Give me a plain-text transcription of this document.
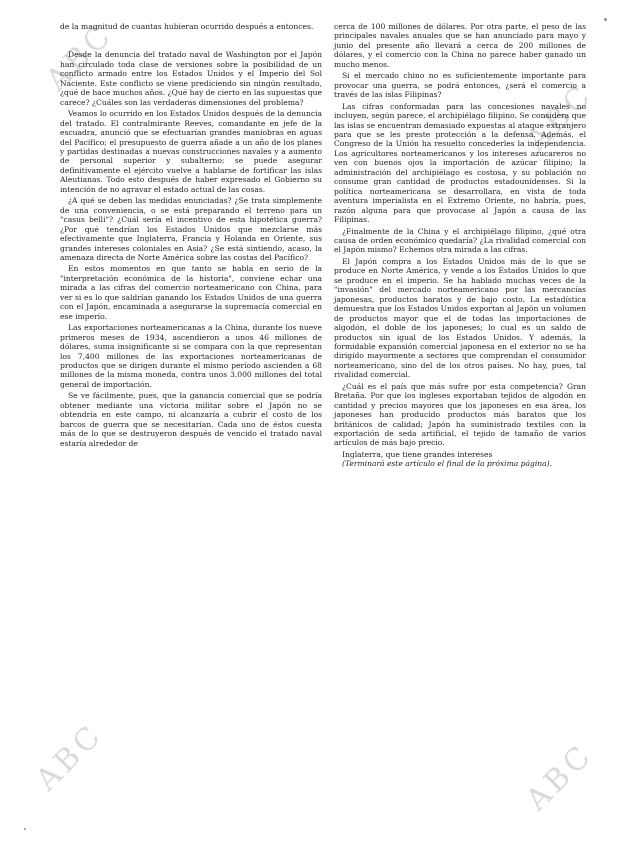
ABC
ABC
ABC	ABC

de la magnitud de cuantas hubieran ocurrido después a entonces.

Desde la denuncia del tratado naval de Washington por el Japón han circulado toda clase de versiones sobre la posibilidad de un conflicto armado entre los Estados Unidos y el Imperio del Sol Naciente. Este conflicto se viene prediciendo sin ningún resultado, ¿qué de hace muchos años. ¿Qué hay de cierto en las supuestas que carece? ¿Cuáles son las verdaderas dimensiones del problema?

Veamos lo ocurrido en los Estados Unidos después de la denuncia del tratado. El contralmirante Reeves, comandante en jefe de la escuadra, anunció que se efectuarían grandes maniobras en aguas del Pacífico; el presupuesto de guerra añade a un año de los planes y partidas destinadas a nuevas construcciones navales y a aumento de personal superior y subalterno; se puede asegurar definitivamente el ejército vuelve a hablarse de fortificar las islas Aleutianas. Todo esto después de haber expresado el Gobierno su intención de no agravar el estado actual de las cosas.

¿A qué se deben las medidas enunciadas? ¿Se trata simplemente de una conveniencia, o se está preparando el terreno para un "casus belli"? ¿Cuál sería el incentivo de esta hipotética guerra? ¿Por qué tendrían los Estados Unidos que mezclarse más efectivamente que Inglaterra, Francia y Holanda en Oriente, sus grandes intereses coloniales en Asia? ¿Se está sintiendo, acaso, la amenaza directa de Norte América sobre las costas del Pacífico?

En estos momentos en que tanto se habla en serio de la "interpretación económica de la historia", conviene echar una mirada a las cifras del comercio norteamericano con China, para ver si es lo que saldrían ganando los Estados Unidos de una guerra con el Japón, encaminada a asegurarse la supremacía comercial en ese imperio.

Las exportaciones norteamericanas a la China, durante los nueve primeros meses de 1934, ascendieron a unos 46 millones de dólares, suma insignificante si se compara con la que representan los 7,400 millones de las exportaciones norteamericanas de productos que se dirigen durante el mismo período ascienden a 68 millones de la misma moneda, contra unos 3.000 millones del total general de importación.

Se ve fácilmente, pues, que la ganancia comercial que se podría obtener mediante una victoria militar sobre el Japón no se obtendría en este campo, ni alcanzaría a cubrir el costo de los barcos de guerra que se necesitarían. Cada uno de éstos cuesta más de lo que se destruyeron después de vencido el tratado naval estaría alrededor de

cerca de 100 millones de dólares. Por otra parte, el peso de las principales navales anuales que se han anunciado para mayo y junio del presente año llevará a cerca de 200 millones de dólares, y el comercio con la China no parece haber ganado un mucho menos.

Si el mercado chino no es suficientemente importante para provocar una guerra, se podrá entonces, ¿será el comercio a través de las islas Filipinas?

Las cifras conformadas para las concesiones navales no incluyen, según parece, el archipiélago filipino. Se considera que las islas se encuentran demasiado expuestas al ataque extranjero para que se les preste protección a la defensa. Además, el Congreso de la Unión ha resuelto concederles la independencia. Los agricultores norteamericanos y los intereses azucareros no ven con buenos ojos la importación de azúcar filipino; la administración del archipiélago es costosa, y su población no consume gran cantidad de productos estadounidenses. Si la política norteamericana se desarrollara, en vista de toda aventura imperialista en el Extremo Oriente, no habría, pues, razón alguna para que provocase al Japón a causa de las Filipinas.

¿Finalmente de la China y el archipiélago filipino, ¿qué otra causa de orden económico quedaría? ¿La rivalidad comercial con el Japón mismo? Echemos otra mirada a las cifras.

El Japón compra a los Estados Unidos más de lo que se produce en Norte América, y vende a los Estados Unidos lo que se produce en el imperio. Se ha hablado muchas veces de la "invasión" del mercado norteamericano por las mercancías japonesas, productos baratos y de bajo costo. La estadística demuestra que los Estados Unidos exportan al Japón un volumen de productos mayor que el de todas las importaciones de algodón, el doble de los japoneses; lo cual es un saldo de productos sin igual de los Estados Unidos. Y además, la formidable expansión comercial japonesa en el exterior no se ha dirigido mayormente a sectores que comprendan el consumidor norteamericano, sino del de los otros países. No hay, pues, tal rivalidad comercial.

¿Cuál es el país que más sufre por esta competencia? Gran Bretaña. Por que los ingleses exportaban tejidos de algodón en cantidad y precios mayores que los japoneses en esa área, los japoneses han producido productos más baratos que los británicos de calidad; Japón ha suministrado textiles con la exportación de seda artificial, el tejido de tamaño de varios artículos de más bajo precio.

Inglaterra, que tiene grandes intereses

(Terminará este artículo el final de la próxima página).
